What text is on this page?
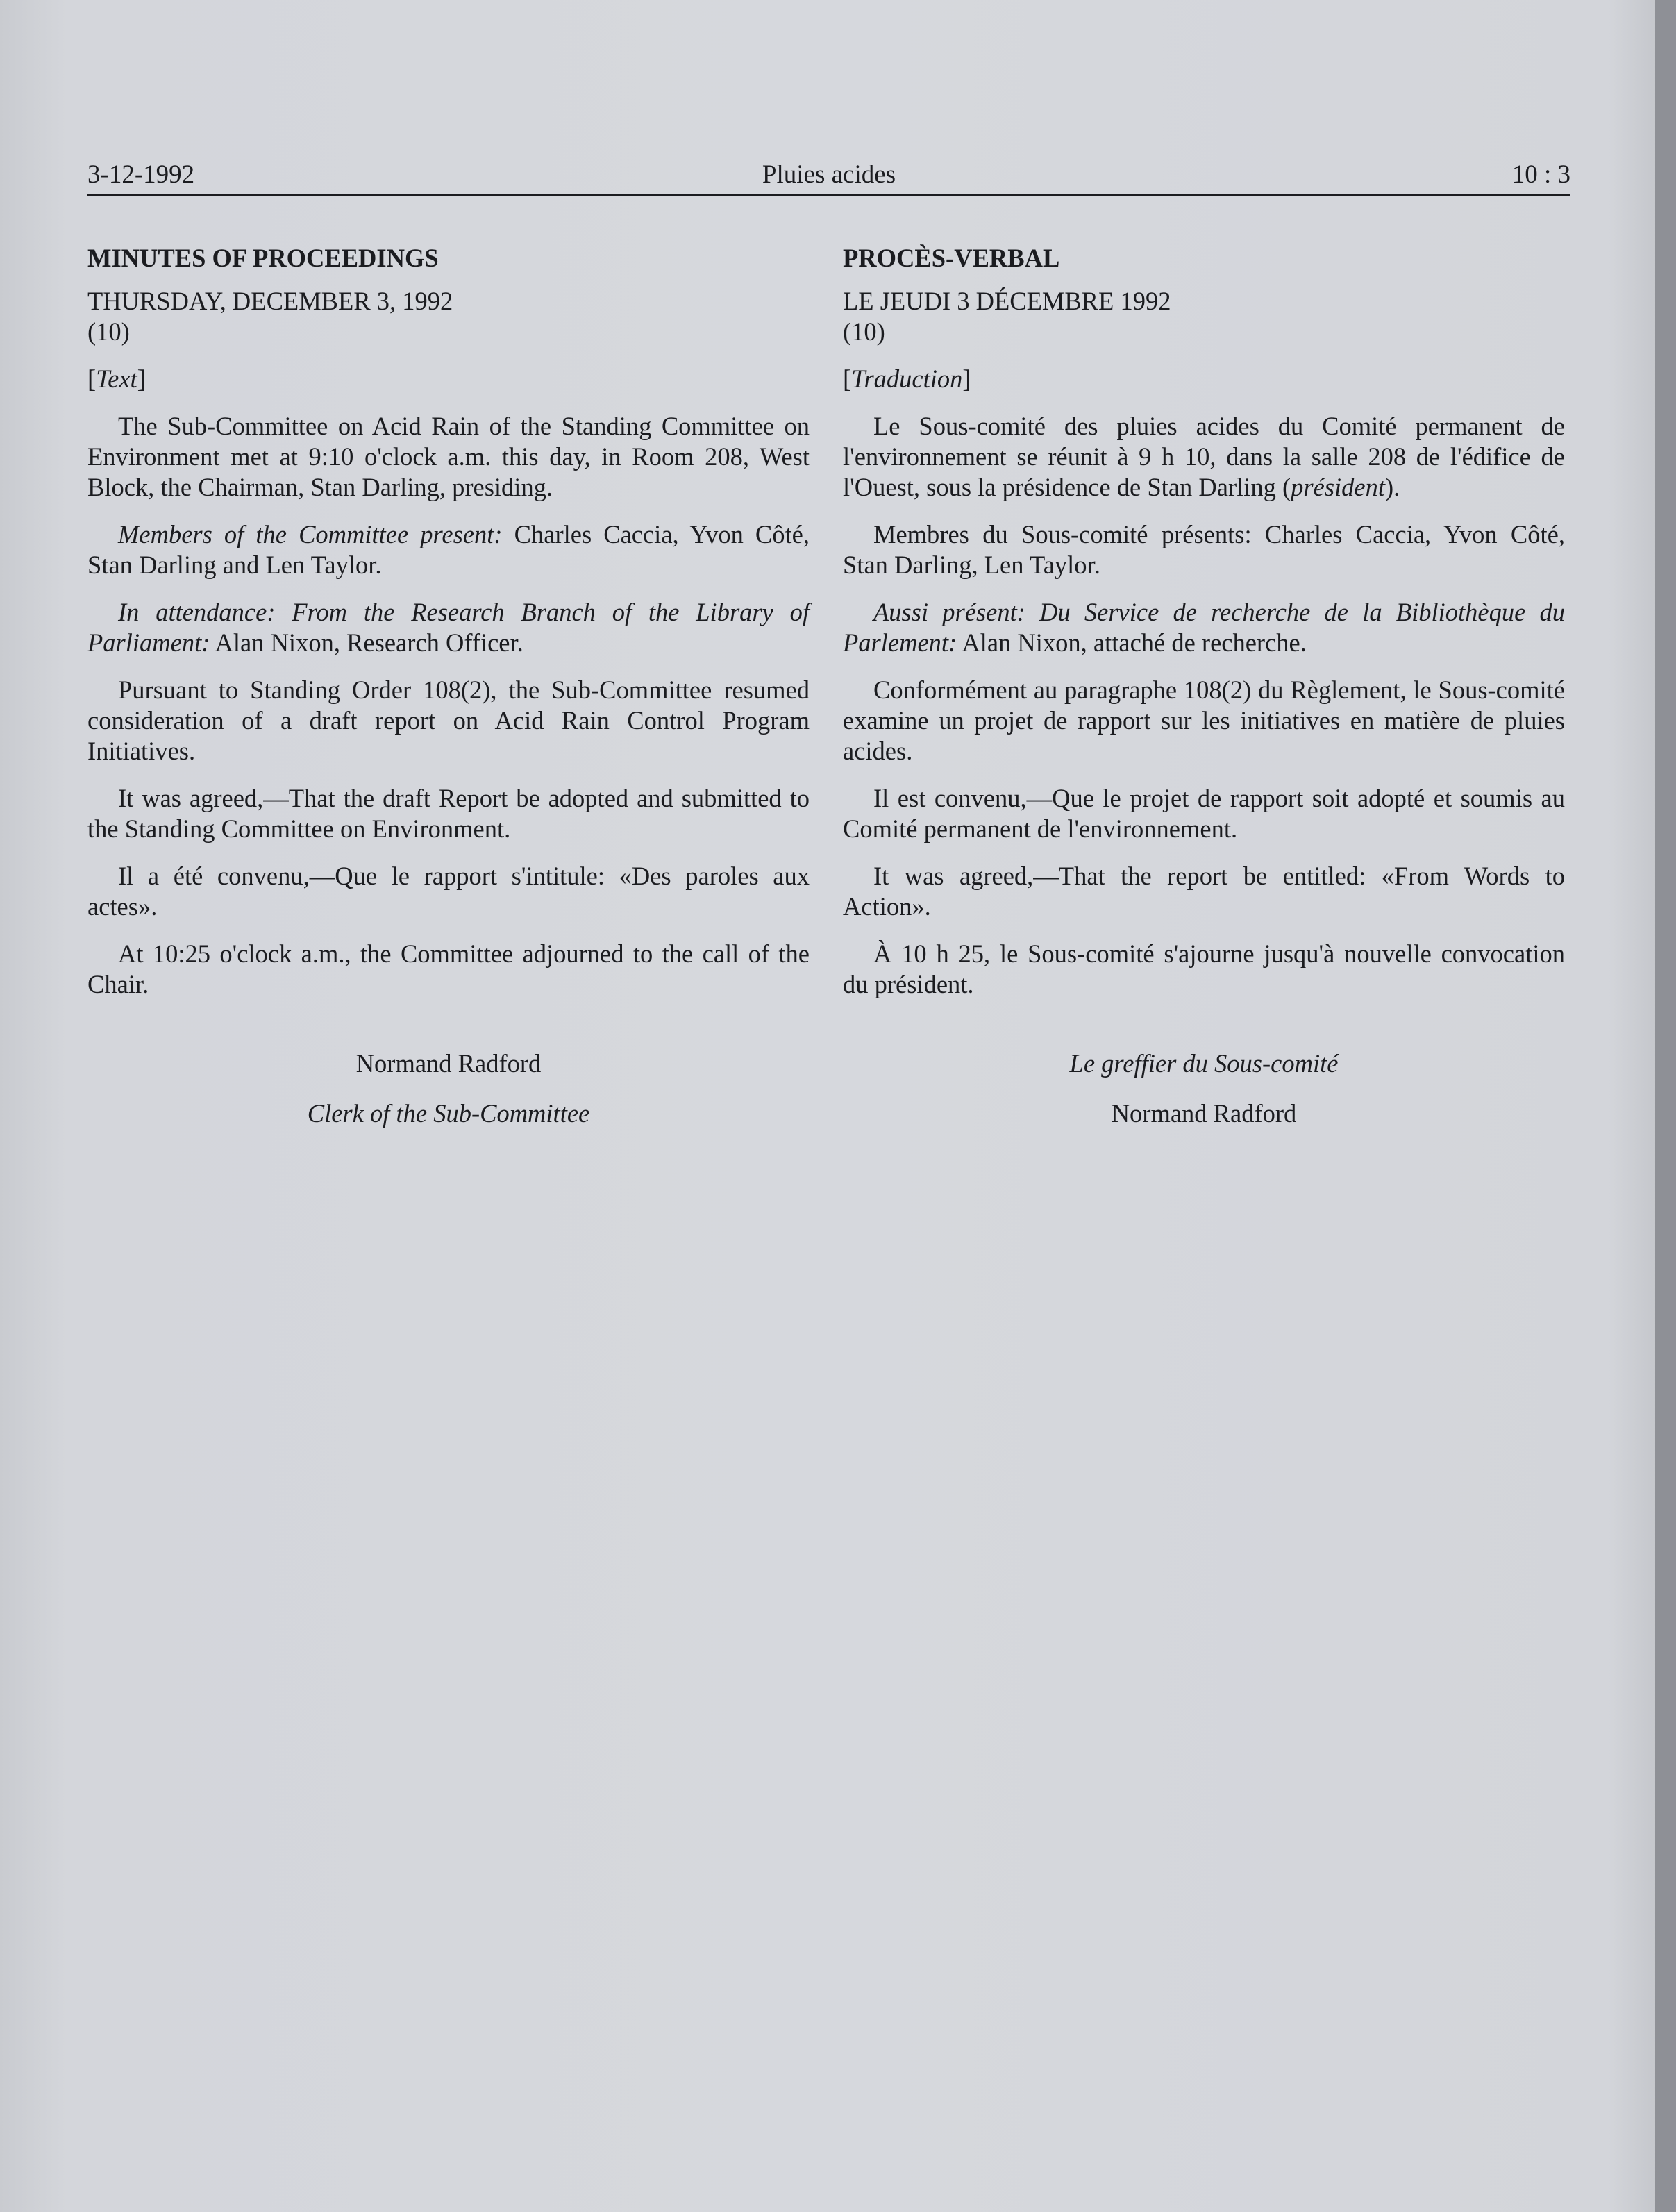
3-12-1992	Pluies acides	10 : 3

MINUTES OF PROCEEDINGS

THURSDAY, DECEMBER 3, 1992
(10)

[Text]

The Sub-Committee on Acid Rain of the Standing Committee on Environment met at 9:10 o'clock a.m. this day, in Room 208, West Block, the Chairman, Stan Darling, presiding.

Members of the Committee present: Charles Caccia, Yvon Côté, Stan Darling and Len Taylor.

In attendance: From the Research Branch of the Library of Parliament: Alan Nixon, Research Officer.

Pursuant to Standing Order 108(2), the Sub-Committee resumed consideration of a draft report on Acid Rain Control Program Initiatives.

It was agreed,—That the draft Report be adopted and submitted to the Standing Committee on Environment.

Il a été convenu,—Que le rapport s'intitule: «Des paroles aux actes».

At 10:25 o'clock a.m., the Committee adjourned to the call of the Chair.

Normand Radford

Clerk of the Sub-Committee

PROCÈS-VERBAL

LE JEUDI 3 DÉCEMBRE 1992
(10)

[Traduction]

Le Sous-comité des pluies acides du Comité permanent de l'environnement se réunit à 9 h 10, dans la salle 208 de l'édifice de l'Ouest, sous la présidence de Stan Darling (président).

Membres du Sous-comité présents: Charles Caccia, Yvon Côté, Stan Darling, Len Taylor.

Aussi présent: Du Service de recherche de la Bibliothèque du Parlement: Alan Nixon, attaché de recherche.

Conformément au paragraphe 108(2) du Règlement, le Sous-comité examine un projet de rapport sur les initiatives en matière de pluies acides.

Il est convenu,—Que le projet de rapport soit adopté et soumis au Comité permanent de l'environnement.

It was agreed,—That the report be entitled: «From Words to Action».

À 10 h 25, le Sous-comité s'ajourne jusqu'à nouvelle convocation du président.

Le greffier du Sous-comité

Normand Radford
